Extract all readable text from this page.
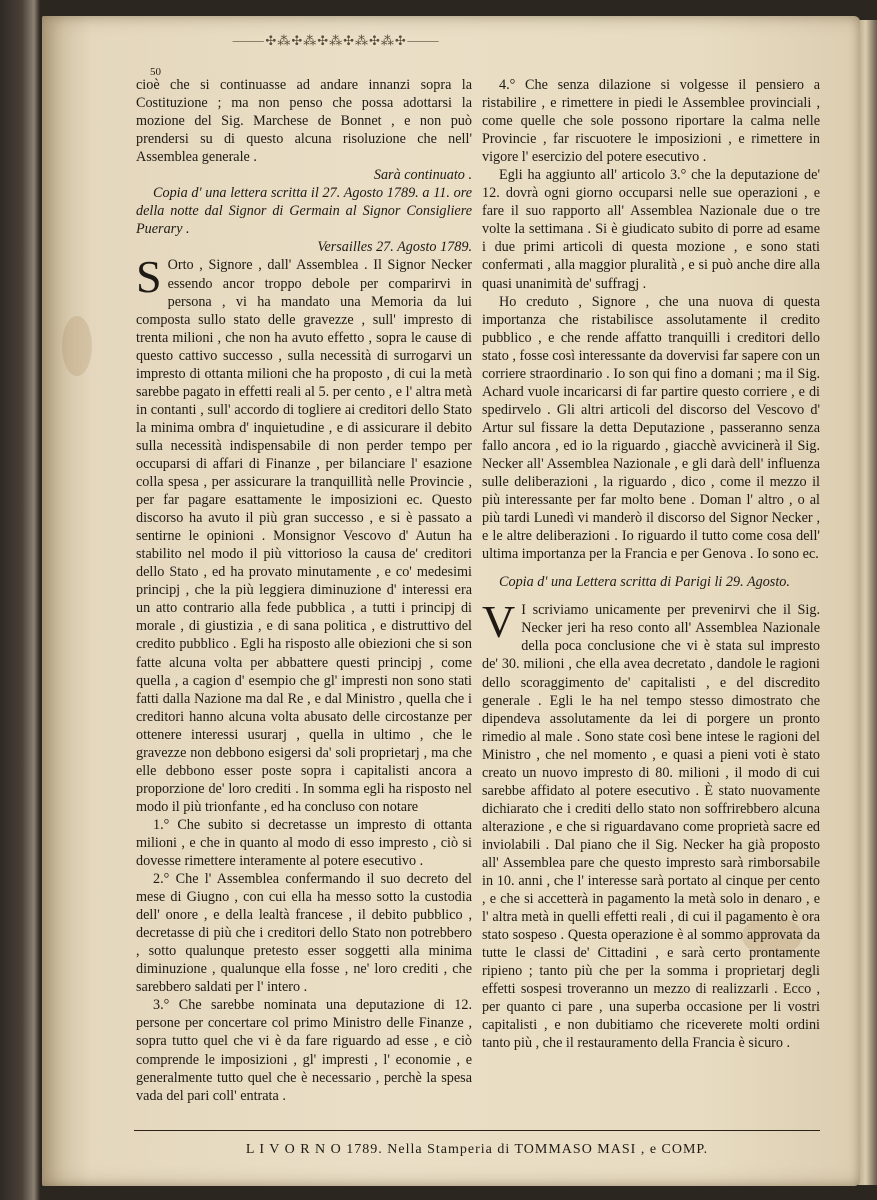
⸻✣⁂✣⁂✣⁂✣⁂✣⁂✣⸻
50

cioè che si continuasse ad andare innanzi sopra la Costituzione ; ma non penso che possa adottarsi la mozione del Sig. Marchese de Bonnet , e non può prendersi su di questo alcuna risoluzione che nell' Assemblea generale .

Sarà continuato .

Copia d' una lettera scritta il 27. Agosto 1789. a 11. ore della notte dal Signor di Germain al Signor Consigliere Puerary .

Versailles 27. Agosto 1789.

S Orto , Signore , dall' Assemblea . Il Signor Necker essendo ancor troppo debole per comparirvi in persona , vi ha mandato una Memoria da lui composta sullo stato delle gravezze , sull' impresto di trenta milioni , che non ha avuto effetto , sopra le cause di questo cattivo successo , sulla necessità di surrogarvi un impresto di ottanta milioni che ha proposto , di cui la metà sarebbe pagato in effetti reali al 5. per cento , e l' altra metà in contanti , sull' accordo di togliere ai creditori dello Stato la minima ombra d' inquietudine , e di assicurare il debito sulla necessità indispensabile di non perder tempo per occuparsi di affari di Finanze , per bilanciare l' esazione colla spesa , per assicurare la tranquillità nelle Provincie , per far pagare esattamente le imposizioni ec. Questo discorso ha avuto il più gran successo , e si è passato a sentirne le opinioni . Monsignor Vescovo d' Autun ha stabilito nel modo il più vittorioso la causa de' creditori dello Stato , ed ha provato minutamente , e co' medesimi principj , che la più leggiera diminuzione d' interessi era un atto contrario alla fede pubblica , a tutti i principj di morale , di giustizia , e di sana politica , e distruttivo del credito pubblico . Egli ha risposto alle obiezioni che si son fatte alcuna volta per abbattere questi principj , come quella , a cagion d' esempio che gl' impresti non sono stati fatti dalla Nazione ma dal Re , e dal Ministro , quella che i creditori hanno alcuna volta abusato delle circostanze per ottenere interessi usurarj , quella in ultimo , che le gravezze non debbono esigersi da' soli proprietarj , ma che elle debbono esser poste sopra i capitalisti ancora a proporzione de' loro crediti . In somma egli ha risposto nel modo il più trionfante , ed ha concluso con notare

1.° Che subito si decretasse un impresto di ottanta milioni , e che in quanto al modo di esso impresto , ciò si dovesse rimettere interamente al potere esecutivo .

2.° Che l' Assemblea confermando il suo decreto del mese di Giugno , con cui ella ha messo sotto la custodia dell' onore , e della lealtà francese , il debito pubblico , decretasse di più che i creditori dello Stato non potrebbero , sotto qualunque pretesto esser soggetti alla minima diminuzione , qualunque ella fosse , ne' loro crediti , che sarebbero saldati per l' intero .

3.° Che sarebbe nominata una deputazione di 12. persone per concertare col primo Ministro delle Finanze , sopra tutto quel che vi è da fare riguardo ad esse , e ciò comprende le imposizioni , gl' impresti , l' economie , e generalmente tutto quel che è necessario , perchè la spesa vada del pari coll' entrata .

4.° Che senza dilazione si volgesse il pensiero a ristabilire , e rimettere in piedi le Assemblee provinciali , come quelle che sole possono riportare la calma nelle Provincie , far riscuotere le imposizioni , e rimettere in vigore l' esercizio del potere esecutivo .

Egli ha aggiunto all' articolo 3.° che la deputazione de' 12. dovrà ogni giorno occuparsi nelle sue operazioni , e fare il suo rapporto all' Assemblea Nazionale due o tre volte la settimana . Si è giudicato subito di porre ad esame i due primi articoli di questa mozione , e sono stati confermati , alla maggior pluralità , e si può anche dire alla quasi unanimità de' suffragj .

Ho creduto , Signore , che una nuova di questa importanza che ristabilisce assolutamente il credito pubblico , e che rende affatto tranquilli i creditori dello stato , fosse così interessante da dovervisi far sapere con un corriere straordinario . Io son qui fino a domani ; ma il Sig. Achard vuole incaricarsi di far partire questo corriere , e di spedirvelo . Gli altri articoli del discorso del Vescovo d' Artur sul fissare la detta Deputazione , passeranno senza fallo ancora , ed io la riguardo , giacchè avvicinerà il Sig. Necker all' Assemblea Nazionale , e gli darà dell' influenza sulle deliberazioni , la riguardo , dico , come il mezzo il più interessante per far molto bene . Doman l' altro , o al più tardi Lunedì vi manderò il discorso del Signor Necker , e le altre deliberazioni . Io riguardo il tutto come cosa dell' ultima importanza per la Francia e per Genova . Io sono ec.

Copia d' una Lettera scritta di Parigi li 29. Agosto.

V I scriviamo unicamente per prevenirvi che il Sig. Necker jeri ha reso conto all' Assemblea Nazionale della poca conclusione che vi è stata sul impresto de' 30. milioni , che ella avea decretato , dandole le ragioni dello scoraggimento de' capitalisti , e del discredito generale . Egli le ha nel tempo stesso dimostrato che dipendeva assolutamente da lei di porgere un pronto rimedio al male . Sono state così bene intese le ragioni del Ministro , che nel momento , e quasi a pieni voti è stato creato un nuovo impresto di 80. milioni , il modo di cui sarebbe affidato al potere esecutivo . È stato nuovamente dichiarato che i crediti dello stato non soffrirebbero alcuna alterazione , e che si riguardavano come proprietà sacre ed inviolabili . Dal piano che il Sig. Necker ha già proposto all' Assemblea pare che questo impresto sarà rimborsabile in 10. anni , che l' interesse sarà portato al cinque per cento , e che si accetterà in pagamento la metà solo in denaro , e l' altra metà in quelli effetti reali , di cui il pagamento è ora stato sospeso . Questa operazione è al sommo approvata da tutte le classi de' Cittadini , e sarà certo prontamente ripieno ; tanto più che per la somma i proprietarj degli effetti sospesi troveranno un mezzo di realizzarli . Ecco , per quanto ci pare , una superba occasione per li vostri capitalisti , e non dubitiamo che riceverete molti ordini tanto più , che il restauramento della Francia è sicuro .

L I V O R N O 1789. Nella Stamperia di TOMMASO MASI , e COMP.
